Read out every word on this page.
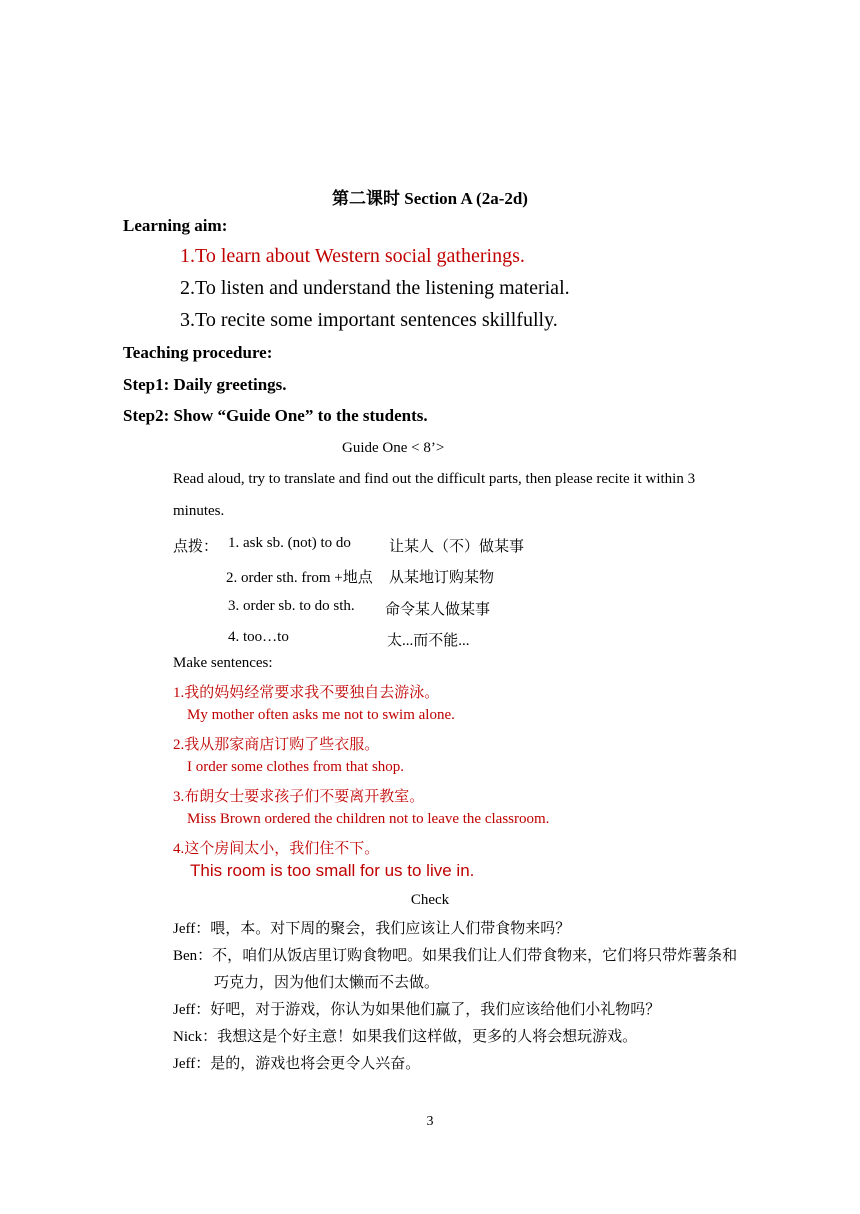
第二课时 Section A (2a-2d)
Learning aim:
1.To learn about Western social gatherings.
2.To listen and understand the listening material.
3.To recite some important sentences skillfully.
Teaching procedure:
Step1: Daily greetings.
Step2: Show “Guide One” to the students.
Guide One < 8’>
Read aloud, try to translate and find out the difficult parts, then please recite it within 3
minutes.
点拨： 1. ask sb. (not) to do	让某人（不）做某事
2. order sth. from +地点 从某地订购某物
3. order sb. to do sth. 命令某人做某事
4. too…to	太...而不能...
Make sentences:
1.我的妈妈经常要求我不要独自去游泳。
My mother often asks me not to swim alone.
2.我从那家商店订购了些衣服。
I order some clothes from that shop.
3.布朗女士要求孩子们不要离开教室。
Miss Brown ordered the children not to leave the classroom.
4.这个房间太小，我们住不下。
This room is too small for us to live in.
Check
Jeff：喂，本。对下周的聚会，我们应该让人们带食物来吗？
Ben：不，咱们从饭店里订购食物吧。如果我们让人们带食物来，它们将只带炸薯条和
巧克力，因为他们太懒而不去做。
Jeff：好吧，对于游戏，你认为如果他们赢了，我们应该给他们小礼物吗？
Nick：我想这是个好主意！如果我们这样做，更多的人将会想玩游戏。
Jeff：是的，游戏也将会更令人兴奋。
3
